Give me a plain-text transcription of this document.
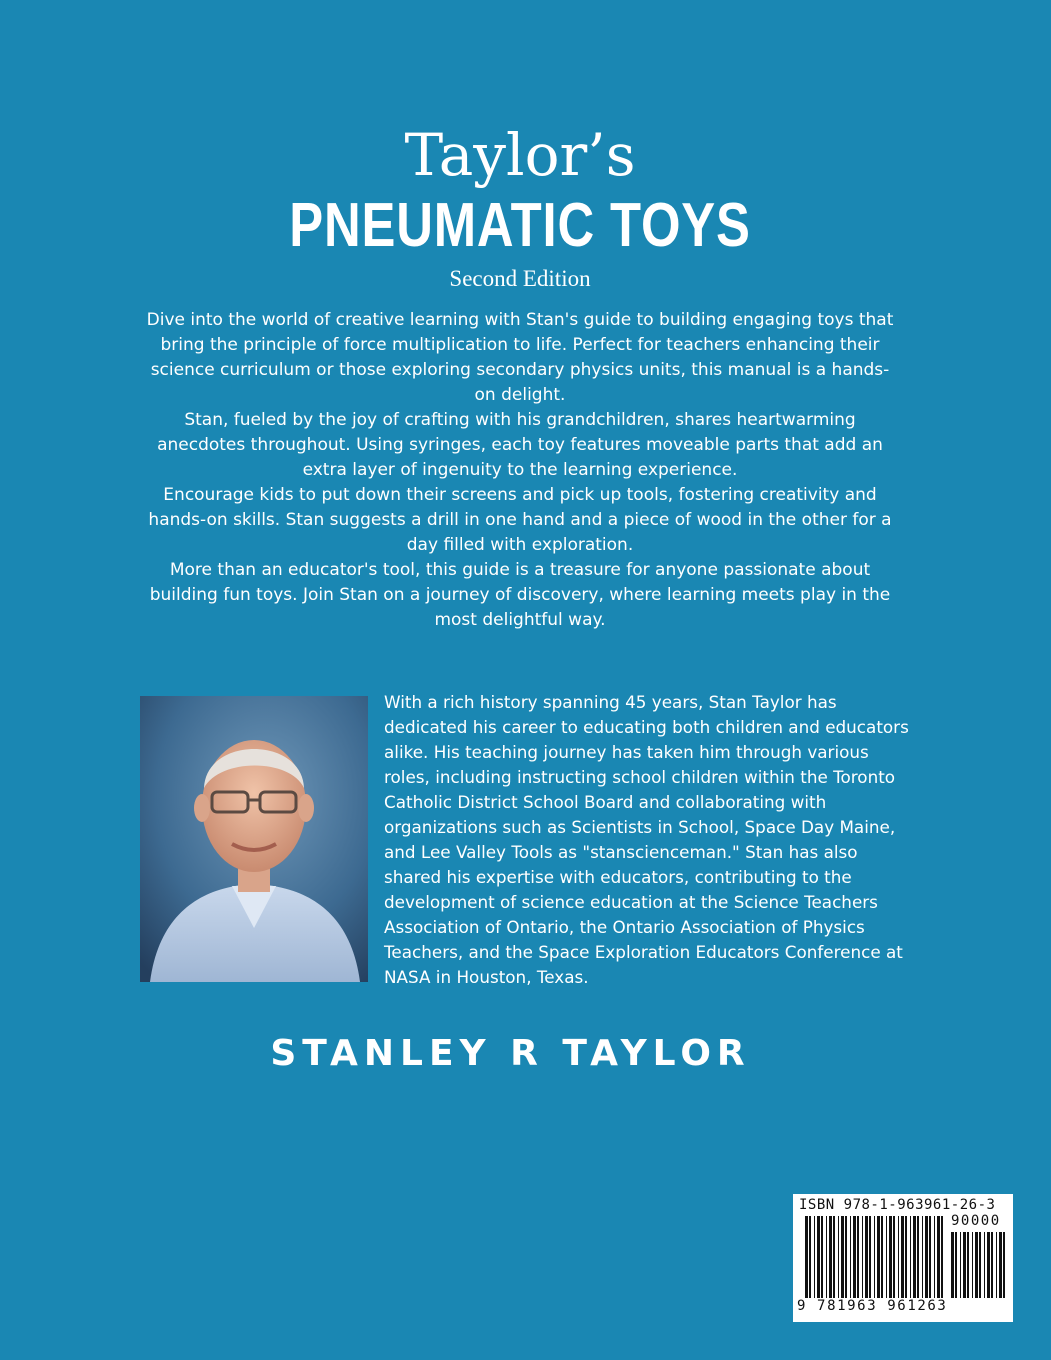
Taylor’s
PNEUMATIC TOYS
Second Edition

Dive into the world of creative learning with Stan's guide to building engaging toys that bring the principle of force multiplication to life. Perfect for teachers enhancing their science curriculum or those exploring secondary physics units, this manual is a hands-on delight.

Stan, fueled by the joy of crafting with his grandchildren, shares heartwarming anecdotes throughout. Using syringes, each toy features moveable parts that add an extra layer of ingenuity to the learning experience.

Encourage kids to put down their screens and pick up tools, fostering creativity and hands-on skills. Stan suggests a drill in one hand and a piece of wood in the other for a day filled with exploration.

More than an educator's tool, this guide is a treasure for anyone passionate about building fun toys. Join Stan on a journey of discovery, where learning meets play in the most delightful way.

With a rich history spanning 45 years, Stan Taylor has dedicated his career to educating both children and educators alike. His teaching journey has taken him through various roles, including instructing school children within the Toronto Catholic District School Board and collaborating with organizations such as Scientists in School, Space Day Maine, and Lee Valley Tools as "stanscienceman." Stan has also shared his expertise with educators, contributing to the development of science education at the Science Teachers Association of Ontario, the Ontario Association of Physics Teachers, and the Space Exploration Educators Conference at NASA in Houston, Texas.
STANLEY R TAYLOR
ISBN 978-1-963961-26-3
90000
9 781963 961263
